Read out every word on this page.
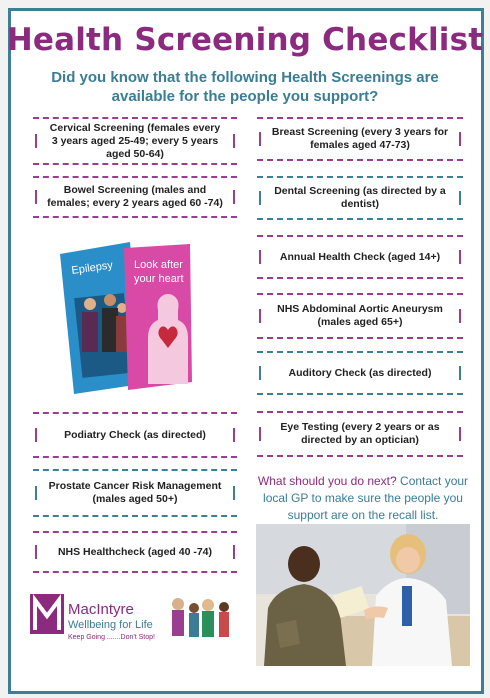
Health Screening Checklist
Did you know that the following Health Screenings are available for the people you support?
Cervical Screening (females every 3 years aged 25-49; every 5 years aged 50-64)
Bowel Screening (males and females; every 2 years aged 60 -74)
Podiatry Check (as directed)
Prostate Cancer Risk Management (males aged 50+)
NHS Healthcheck (aged 40 -74)
Breast Screening (every 3 years for females aged 47-73)
Dental Screening (as directed by a dentist)
Annual Health Check (aged 14+)
NHS Abdominal Aortic Aneurysm (males aged 65+)
Auditory Check (as directed)
Eye Testing (every 2 years or as directed by an optician)
Epilepsy Look after
your heart
What should you do next? Contact your local GP to make sure the people you support are on the recall list.
MacIntyre
Wellbeing for Life
Keep Going .......Don't Stop!
